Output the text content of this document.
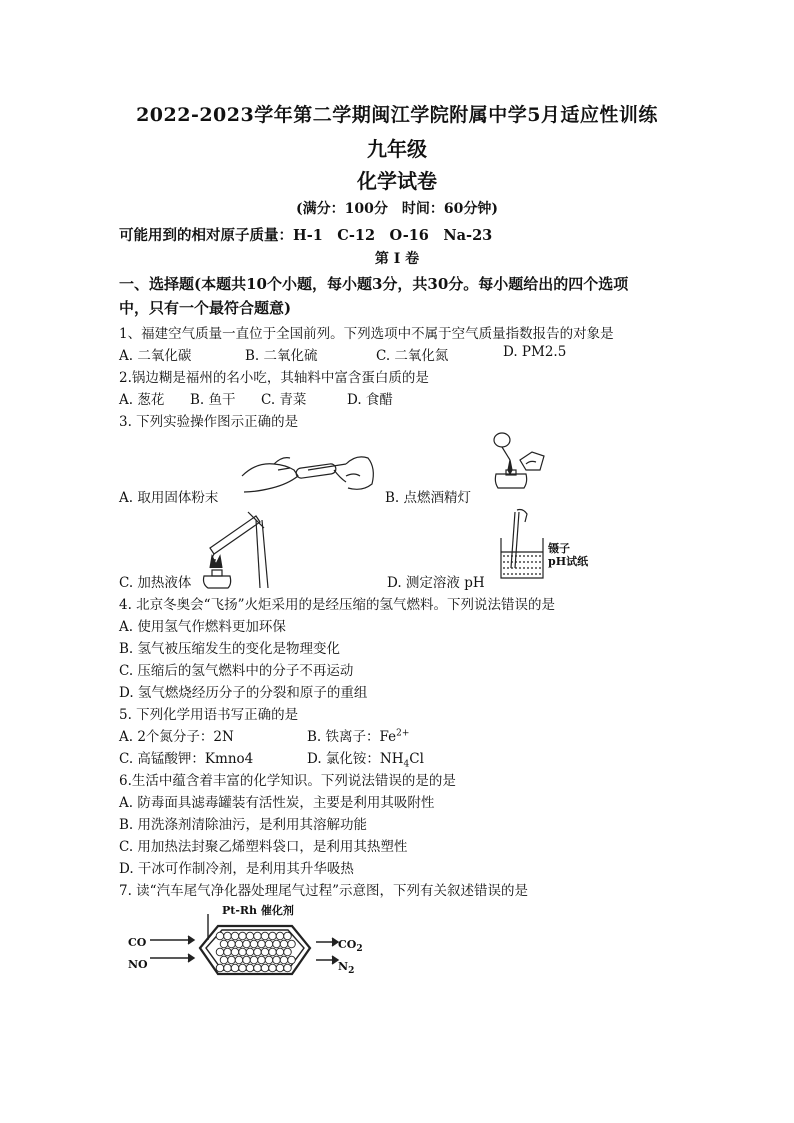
2022-2023学年第二学期闽江学院附属中学5月适应性训练
九年级
化学试卷
(满分：100分　时间：60分钟)
可能用到的相对原子质量：H-1　C-12　O-16　Na-23
第 I 卷
一、选择题(本题共10个小题，每小题3分，共30分。每小题给出的四个选项
中，只有一个最符合题意)
1、福建空气质量一直位于全国前列。下列选项中不属于空气质量指数报告的对象是
A. 二氧化碳	B. 二氧化硫	C. 二氧化氮	D. PM2.5
2.锅边糊是福州的名小吃，其轴料中富含蛋白质的是
A. 葱花 B. 鱼干 C. 青菜	D. 食醋
3. 下列实验操作图示正确的是
A. 取用固体粉末	B. 点燃酒精灯
C. 加热液体
镊子
pH试纸
D. 测定溶液 pH
4. 北京冬奥会“飞扬”火炬采用的是经压缩的氢气燃料。下列说法错误的是
A. 使用氢气作燃料更加环保
B. 氢气被压缩发生的变化是物理变化
C. 压缩后的氢气燃料中的分子不再运动
D. 氢气燃烧经历分子的分裂和原子的重组
5. 下列化学用语书写正确的是
A. 2个氮分子：2N	B. 铁离子：$Fe^{2+}$
C. 高锰酸钾：Kmno4	D. 氯化铵：$NH_4Cl$
6.生活中蕴含着丰富的化学知识。下列说法错误的是的是
A. 防毒面具滤毒罐装有活性炭，主要是利用其吸附性
B. 用洗涤剂清除油污，是利用其溶解功能
C. 用加热法封聚乙烯塑料袋口，是利用其热塑性
D. 干冰可作制冷剂，是利用其升华吸热
7. 读“汽车尾气净化器处理尾气过程”示意图，下列有关叙述错误的是
Pt-Rh 催化剂
CO
NO
$CO_2$
$N_2$
